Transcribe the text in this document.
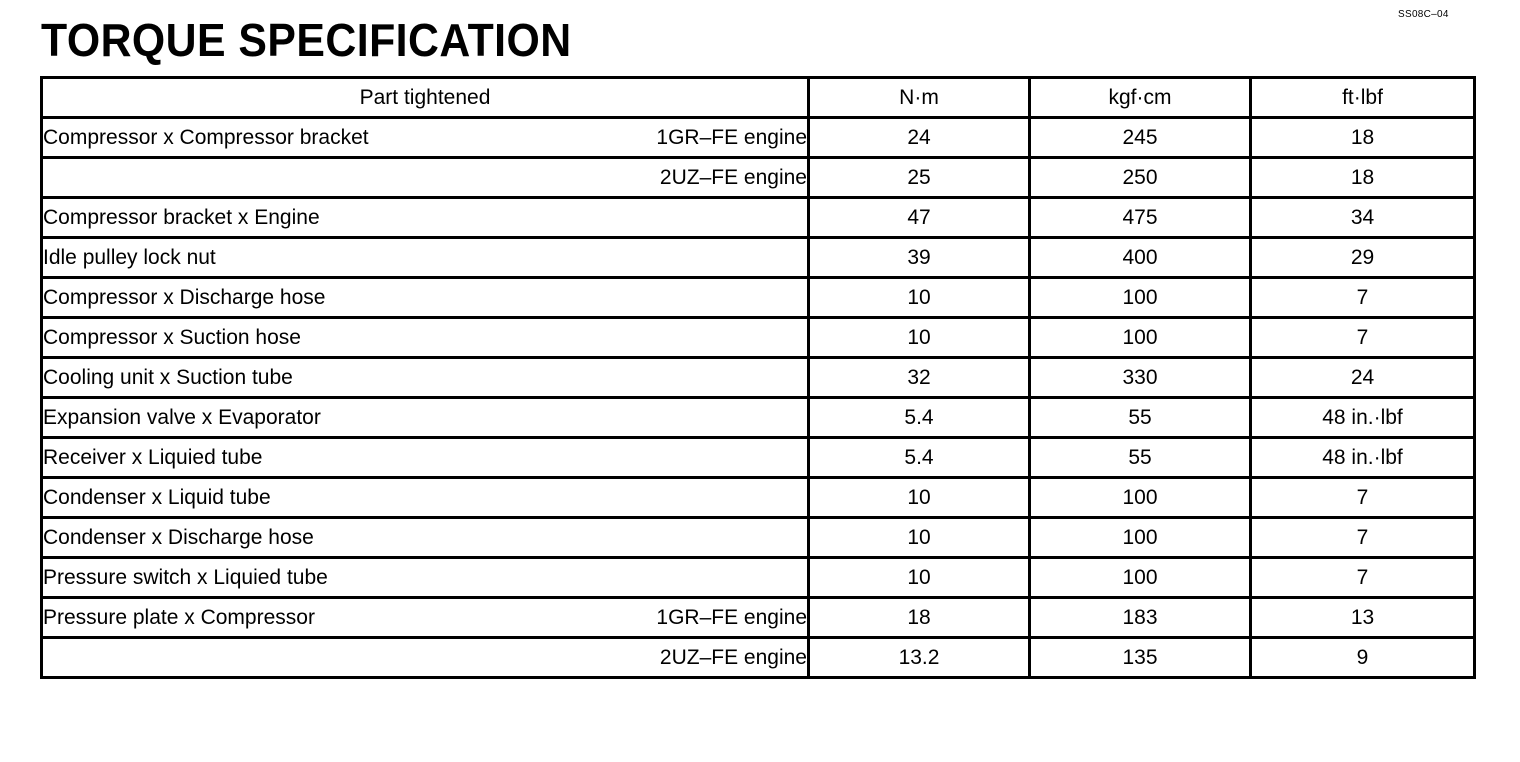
SS08C–04
TORQUE SPECIFICATION
Part tightened	N·m	kgf·cm	ft·lbf

Compressor x Compressor bracket 1GR–FE engine	24	245	18

2UZ–FE engine	25	250	18

Compressor bracket x Engine	47	475	34

Idle pulley lock nut	39	400	29

Compressor x Discharge hose	10	100	7

Compressor x Suction hose	10	100	7

Cooling unit x Suction tube	32	330	24

Expansion valve x Evaporator	5.4	55	48 in.·lbf

Receiver x Liquied tube	5.4	55	48 in.·lbf

Condenser x Liquid tube	10	100	7

Condenser x Discharge hose	10	100	7

Pressure switch x Liquied tube	10	100	7

Pressure plate x Compressor 1GR–FE engine	18	183	13

2UZ–FE engine	13.2	135	9
